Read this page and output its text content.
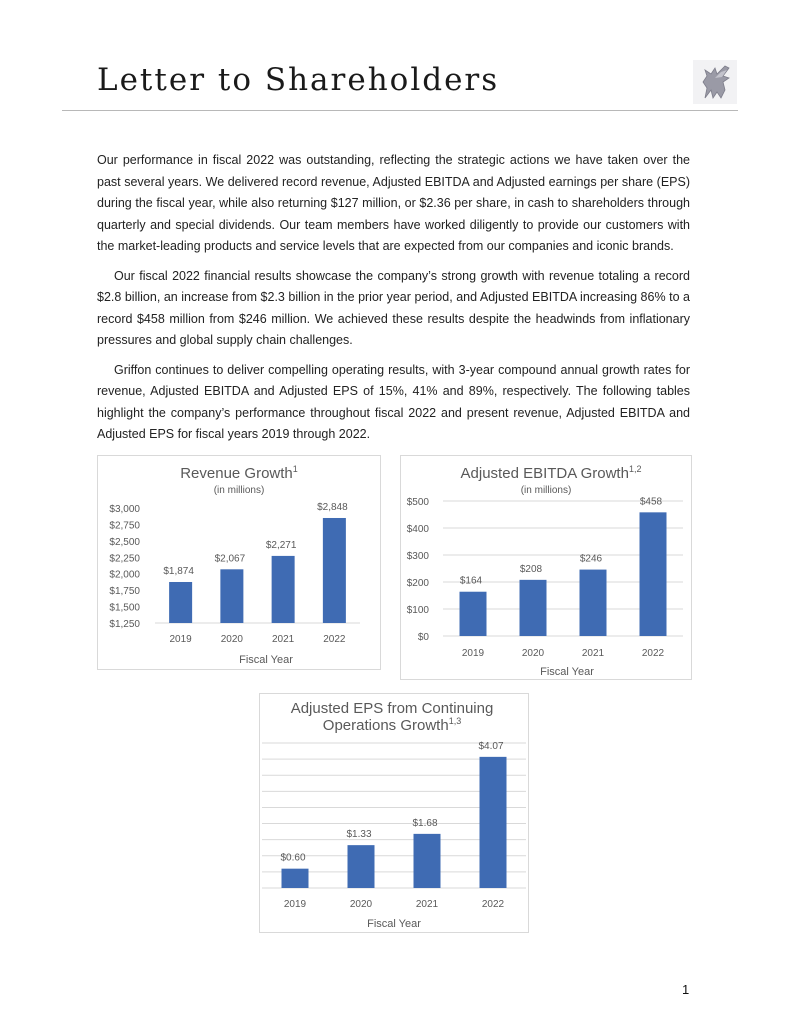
Letter to Shareholders

Our performance in fiscal 2022 was outstanding, reflecting the strategic actions we have taken over the past several years. We delivered record revenue, Adjusted EBITDA and Adjusted earnings per share (EPS) during the fiscal year, while also returning $127 million, or $2.36 per share, in cash to shareholders through quarterly and special dividends. Our team members have worked diligently to provide our customers with the market-leading products and service levels that are expected from our companies and iconic brands.

Our fiscal 2022 financial results showcase the company’s strong growth with revenue totaling a record $2.8 billion, an increase from $2.3 billion in the prior year period, and Adjusted EBITDA increasing 86% to a record $458 million from $246 million. We achieved these results despite the headwinds from inflationary pressures and global supply chain challenges.

Griffon continues to deliver compelling operating results, with 3-year compound annual growth rates for revenue, Adjusted EBITDA and Adjusted EPS of 15%, 41% and 89%, respectively. The following tables highlight the company’s performance throughout fiscal 2022 and present revenue, Adjusted EBITDA and Adjusted EPS for fiscal years 2019 through 2022.

Revenue Growth$^1$
(in millions)
$1,250
$1,500
$1,750
$2,000
$2,250
$2,500
$2,750
$3,000
$1,874
$2,067
$2,271
$2,848
2019	2020	2021	2022
Fiscal Year
Adjusted EBITDA Growth$^{1,2}$
(in millions)
$0
$100
$200
$300
$400
$500
$164
$208
$246
$458
2019	2020	2021	2022
Fiscal Year
Adjusted EPS from Continuing
Operations Growth$^{1,3}$
$0.60
$1.33
$1.68
$4.07
2019	2020	2021	2022
Fiscal Year
1
